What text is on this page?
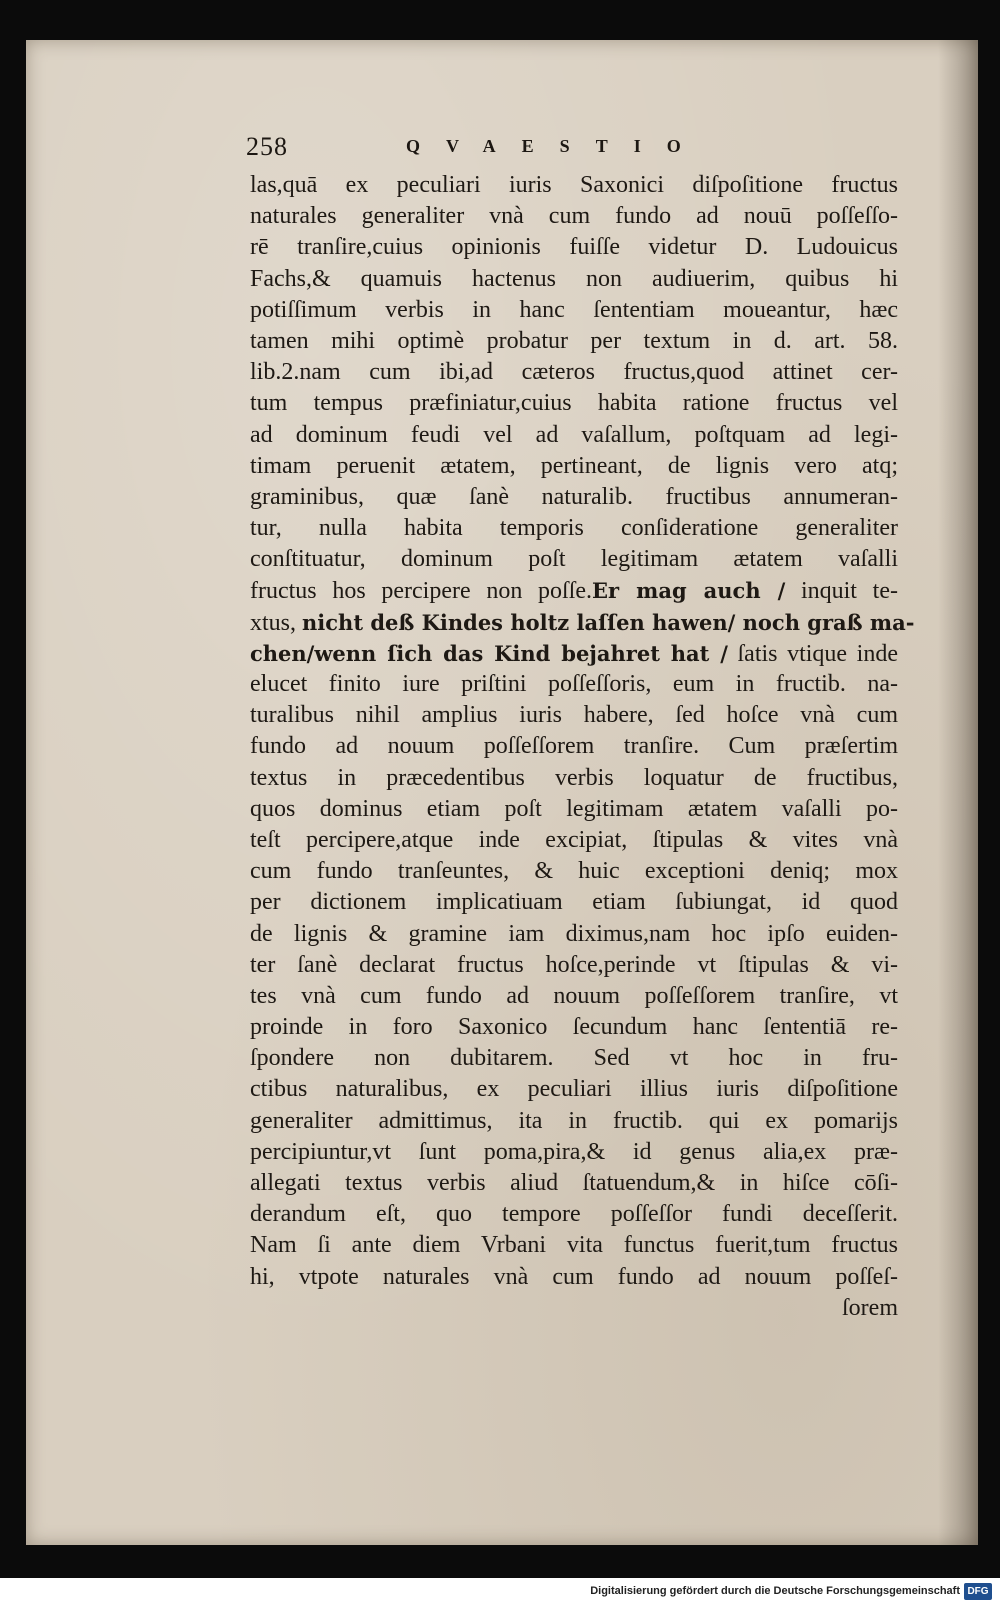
258	QVAESTIO
las,quā ex peculiari iuris Saxonici diſpoſitione fructus
naturales generaliter vnà cum fundo ad nouū poſſeſſo-
rē tranſire,cuius opinionis fuiſſe videtur D. Ludouicus
Fachs,& quamuis hactenus non audiuerim, quibus hi
potiſſimum verbis in hanc ſententiam moueantur, hæc
tamen mihi optimè probatur per textum in d. art. 58.
lib.2.nam cum ibi,ad cæteros fructus,quod attinet cer-
tum tempus præfiniatur,cuius habita ratione fructus vel
ad dominum feudi vel ad vaſallum, poſtquam ad legi-
timam peruenit ætatem, pertineant, de lignis vero atq;
graminibus, quæ ſanè naturalib. fructibus annumeran-
tur, nulla habita temporis conſideratione generaliter
conſtituatur, dominum poſt legitimam ætatem vaſalli
fructus hos percipere non poſſe.Er mag auch / inquit te-
xtus, nicht deß Kindes holtz laſſen hawen/ noch graß ma-
chen/wenn ſich das Kind bejahret hat / ſatis vtique inde
elucet finito iure priſtini poſſeſſoris, eum in fructib. na-
turalibus nihil amplius iuris habere, ſed hoſce vnà cum
fundo ad nouum poſſeſſorem tranſire. Cum præſertim
textus in præcedentibus verbis loquatur de fructibus,
quos dominus etiam poſt legitimam ætatem vaſalli po-
teſt percipere,atque inde excipiat, ſtipulas & vites vnà
cum fundo tranſeuntes, & huic exceptioni deniq; mox
per dictionem implicatiuam etiam ſubiungat, id quod
de lignis & gramine iam diximus,nam hoc ipſo euiden-
ter ſanè declarat fructus hoſce,perinde vt ſtipulas & vi-
tes vnà cum fundo ad nouum poſſeſſorem tranſire, vt
proinde in foro Saxonico ſecundum hanc ſententiā re-
ſpondere non dubitarem. Sed vt hoc in fru-
ctibus naturalibus, ex peculiari illius iuris diſpoſitione
generaliter admittimus, ita in fructib. qui ex pomarijs
percipiuntur,vt ſunt poma,pira,& id genus alia,ex præ-
allegati textus verbis aliud ſtatuendum,& in hiſce cōſi-
derandum eſt, quo tempore poſſeſſor fundi deceſſerit.
Nam ſi ante diem Vrbani vita functus fuerit,tum fructus
hi, vtpote naturales vnà cum fundo ad nouum poſſeſ-
ſorem
Digitalisierung gefördert durch die Deutsche Forschungsgemeinschaft DFG
